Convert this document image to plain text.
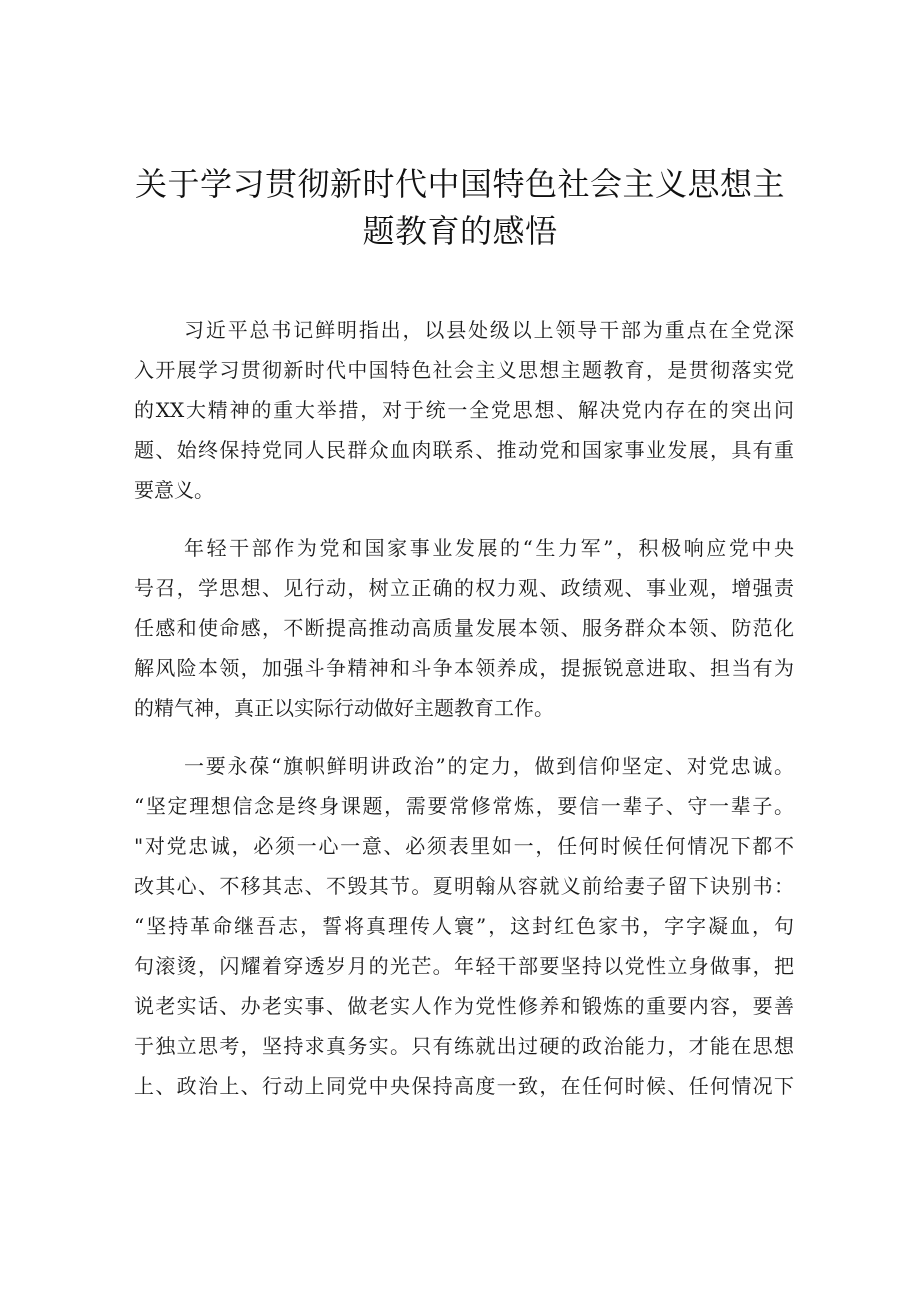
关于学习贯彻新时代中国特色社会主义思想主
题教育的感悟
习近平总书记鲜明指出，以县处级以上领导干部为重点在全党深
入开展学习贯彻新时代中国特色社会主义思想主题教育，是贯彻落实党
的XX大精神的重大举措，对于统一全党思想、解决党内存在的突出问
题、始终保持党同人民群众血肉联系、推动党和国家事业发展，具有重
要意义。
年轻干部作为党和国家事业发展的“生力军”，积极响应党中央
号召，学思想、见行动，树立正确的权力观、政绩观、事业观，增强责
任感和使命感，不断提高推动高质量发展本领、服务群众本领、防范化
解风险本领，加强斗争精神和斗争本领养成，提振锐意进取、担当有为
的精气神，真正以实际行动做好主题教育工作。
一要永葆“旗帜鲜明讲政治”的定力，做到信仰坚定、对党忠诚。
“坚定理想信念是终身课题，需要常修常炼，要信一辈子、守一辈子。
"对党忠诚，必须一心一意、必须表里如一，任何时候任何情况下都不
改其心、不移其志、不毁其节。夏明翰从容就义前给妻子留下诀别书：
“坚持革命继吾志，誓将真理传人寰”，这封红色家书，字字凝血，句
句滚烫，闪耀着穿透岁月的光芒。年轻干部要坚持以党性立身做事，把
说老实话、办老实事、做老实人作为党性修养和锻炼的重要内容，要善
于独立思考，坚持求真务实。只有练就出过硬的政治能力，才能在思想
上、政治上、行动上同党中央保持高度一致，在任何时候、任何情况下
